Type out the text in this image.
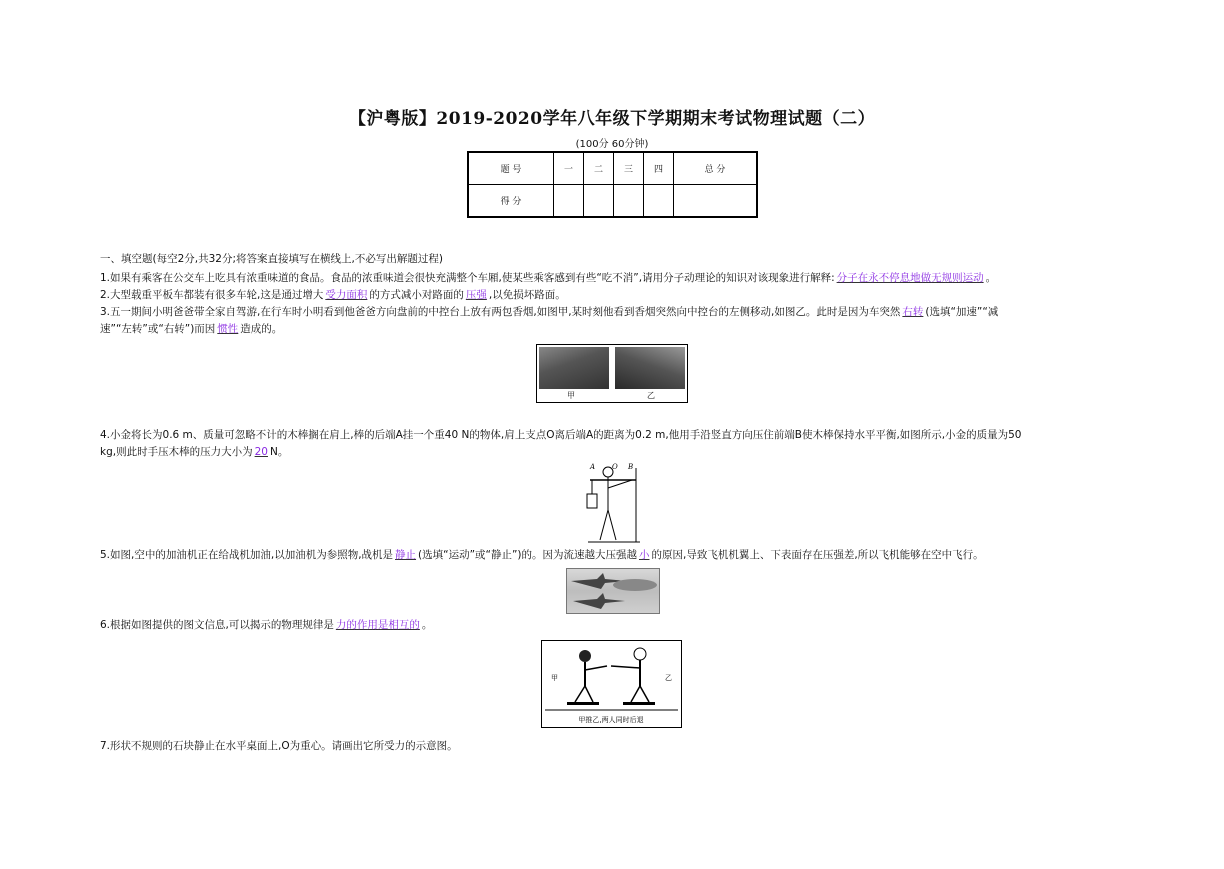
【沪粤版】2019-2020学年八年级下学期期末考试物理试题（二）
(100分 60分钟)
题 号	一	二	三	四	总 分
得 分					
一、填空题(每空2分,共32分;将答案直接填写在横线上,不必写出解题过程)
1.如果有乘客在公交车上吃具有浓重味道的食品。食品的浓重味道会很快充满整个车厢,使某些乘客感到有些“吃不消”,请用分子动理论的知识对该现象进行解释: 分子在永不停息地做无规则运动 。
2.大型载重平板车都装有很多车轮,这是通过增大 受力面积 的方式减小对路面的 压强 ,以免损坏路面。
3.五一期间小明爸爸带全家自驾游,在行车时小明看到他爸爸方向盘前的中控台上放有两包香烟,如图甲,某时刻他看到香烟突然向中控台的左侧移动,如图乙。此时是因为车突然 右转 (选填“加速”“减
速”“左转”或“右转”)而因 惯性 造成的。
甲	乙
4.小金将长为0.6 m、质量可忽略不计的木棒搁在肩上,棒的后端A挂一个重40 N的物体,肩上支点O离后端A的距离为0.2 m,他用手沿竖直方向压住前端B使木棒保持水平平衡,如图所示,小金的质量为50
kg,则此时手压木棒的压力大小为 20 N。
A O B
5.如图,空中的加油机正在给战机加油,以加油机为参照物,战机是 静止 (选填“运动”或“静止”)的。因为流速越大压强越 小 的原因,导致飞机机翼上、下表面存在压强差,所以飞机能够在空中飞行。
6.根据如图提供的图文信息,可以揭示的物理规律是 力的作用是相互的 。
甲	乙
甲推乙,两人同时后退
7.形状不规则的石块静止在水平桌面上,O为重心。请画出它所受力的示意图。
